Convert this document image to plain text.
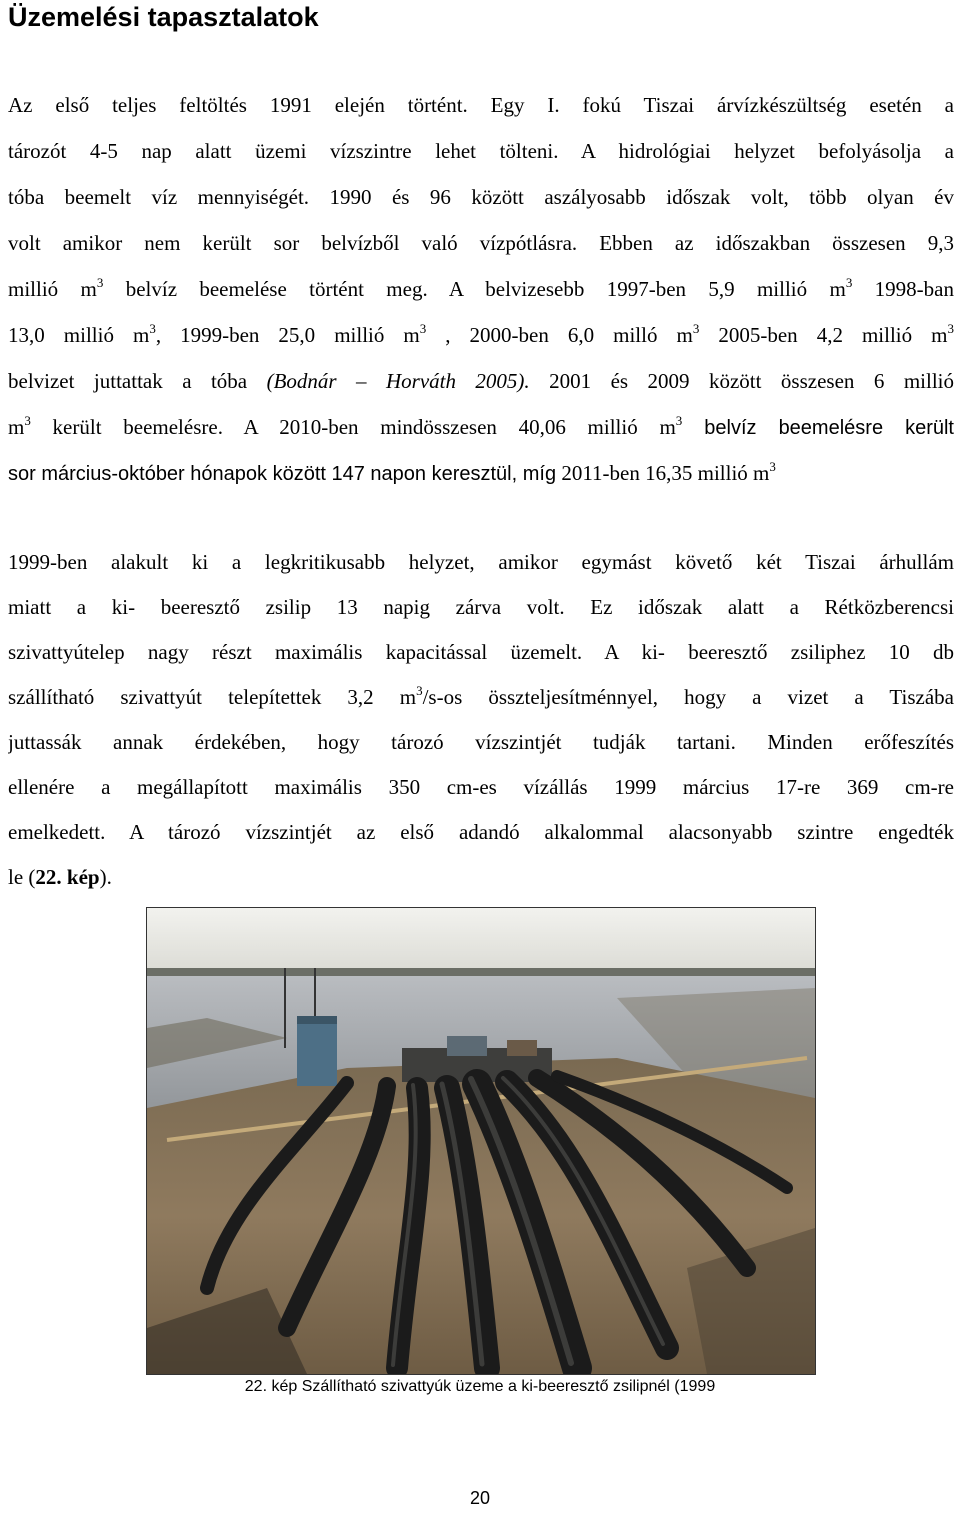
Üzemelési tapasztalatok
Az első teljes feltöltés 1991 elején történt. Egy I. fokú Tiszai árvízkészültség esetén a
tározót 4-5 nap alatt üzemi vízszintre lehet tölteni. A hidrológiai helyzet befolyásolja a
tóba beemelt víz mennyiségét. 1990 és 96 között aszályosabb időszak volt, több olyan év
volt amikor nem került sor belvízből való vízpótlásra. Ebben az időszakban összesen 9,3
millió $m^3$ belvíz beemelése történt meg. A belvizesebb 1997-ben 5,9 millió $m^3$ 1998-ban
13,0 millió $m^3$, 1999-ben 25,0 millió $m^3$ , 2000-ben 6,0 milló $m^3$ 2005-ben 4,2 millió $m^3$
belvizet juttattak a tóba (Bodnár – Horváth 2005). 2001 és 2009 között összesen 6 millió
$m^3$ került beemelésre. A 2010-ben mindösszesen 40,06 millió $m^3$ belvíz beemelésre került
sor március-október hónapok között 147 napon keresztül, míg 2011-ben 16,35 millió $m^3$
1999-ben alakult ki a legkritikusabb helyzet, amikor egymást követő két Tiszai árhullám
miatt a ki- beeresztő zsilip 13 napig zárva volt. Ez időszak alatt a Rétközberencsi
szivattyútelep nagy részt maximális kapacitással üzemelt. A ki- beeresztő zsiliphez 10 db
szállítható szivattyút telepítettek 3,2 $m^3/s-os$ összteljesítménnyel, hogy a vizet a Tiszába
juttassák annak érdekében, hogy tározó vízszintjét tudják tartani. Minden erőfeszítés
ellenére a megállapított maximális 350 cm-es vízállás 1999 március 17-re 369 cm-re
emelkedett. A tározó vízszintjét az első adandó alkalommal alacsonyabb szintre engedték
le (22. kép).
22. kép Szállítható szivattyúk üzeme a ki-beeresztő zsilipnél (1999
20
